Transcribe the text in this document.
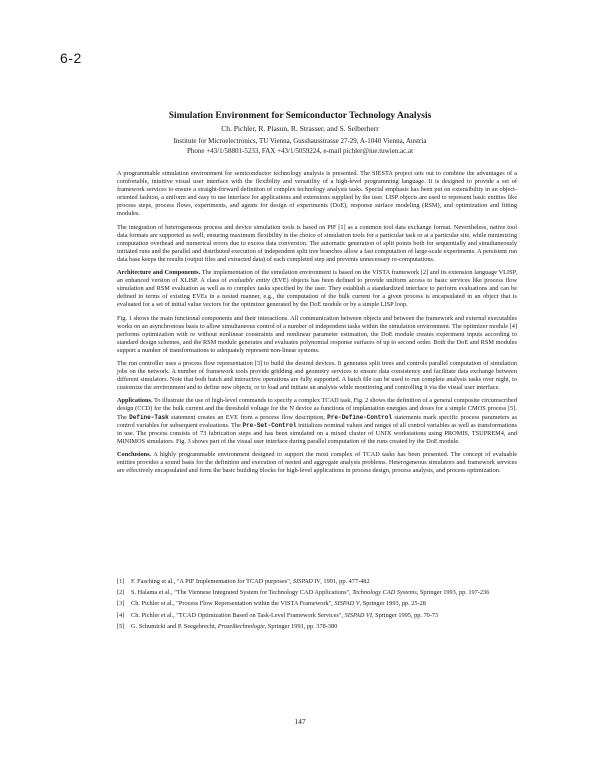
6-2
Simulation Environment for Semiconductor Technology Analysis
Ch. Pichler, R. Plasun, R. Strasser, and S. Selberherr
Institute for Microelectronics, TU Vienna, Gusshausstrasse 27-29, A-1040 Vienna, Austria
Phone +43/1/58801-5233, FAX +43/1/5059224, e-mail pichler@iue.tuwien.ac.at

A programmable simulation environment for semiconductor technology analysis is presented. The SIESTA project sets out to combine the advantages of a comfortable, intuitive visual user interface with the flexibility and versatility of a high-level programming language. It is designed to provide a set of framework services to ensure a straight-forward definition of complex technology analysis tasks. Special emphasis has been put on extensibility in an object-oriented fashion, a uniform and easy to use interface for applications and extensions supplied by the user. LISP objects are used to represent basic entities like process steps, process flows, experiments, and agents for design of experiments (DoE), response surface modeling (RSM), and optimization and fitting modules.

The integration of heterogeneous process and device simulation tools is based on PIF [1] as a common tool data exchange format. Nevertheless, native tool data formats are supported as well, ensuring maximum flexibility in the choice of simulation tools for a particular task or at a particular site, while minimizing computation overhead and numerical errors due to excess data conversion. The automatic generation of split points both for sequentially and simultaneously initiated runs and the parallel and distributed execution of independent split tree branches allow a fast computation of large-scale experiments. A persistent run data base keeps the results (output files and extracted data) of each completed step and prevents unnecessary re-computations.

Architecture and Components. The implementation of the simulation environment is based on the VISTA framework [2] and its extension language VLISP, an enhanced version of XLISP. A class of evaluable entity (EVE) objects has been defined to provide uniform access to basic services like process flow simulation and RSM evaluation as well as to complex tasks specified by the user. They establish a standardized interface to perform evaluations and can be defined in terms of existing EVEs in a nested manner, e.g., the computation of the bulk current for a given process is encapsulated in an object that is evaluated for a set of initial value vectors for the optimizer generated by the DoE module or by a simple LISP loop.

Fig. 1 shows the main functional components and their interactions. All communication between objects and between the framework and external executables works on an asynchronous basis to allow simultaneous control of a number of independent tasks within the simulation environment. The optimizer module [4] performs optimization with or without nonlinear constraints and nonlinear parameter estimation, the DoE module creates experiment inputs according to standard design schemes, and the RSM module generates and evaluates polynomial response surfaces of up to second order. Both the DoE and RSM modules support a number of transformations to adequately represent non-linear systems.

The run controller uses a process flow representation [3] to build the desired devices. It generates split trees and controls parallel computation of simulation jobs on the network. A number of framework tools provide gridding and geometry services to ensure data consistency and facilitate data exchange between different simulators. Note that both batch and interactive operations are fully supported. A batch file can be used to run complete analysis tasks over night, to customize the environment and to define new objects, or to load and initiate an analysis while monitoring and controlling it via the visual user interface.

Applications. To illustrate the use of high-level commands to specify a complex TCAD task, Fig. 2 shows the definition of a general composite circumscribed design (CCD) for the bulk current and the threshold voltage for the N device as functions of implantation energies and doses for a simple CMOS process [5]. The Define-Task statement creates an EVE from a process flow description, Pre-Define-Control statements mark specific process parameters as control variables for subsequent evaluations. The Pre-Set-Control initializes nominal values and ranges of all control variables as well as transformations in use. The process consists of 73 fabrication steps and has been simulated on a mixed cluster of UNIX workstations using PROMIS, TSUPREM4, and MINIMOS simulators. Fig. 3 shows part of the visual user interface during parallel computation of the runs created by the DoE module.

Conclusions. A highly programmable environment designed to support the most complex of TCAD tasks has been presented. The concept of evaluable entities provides a sound basis for the definition and execution of nested and aggregate analysis problems. Heterogeneous simulators and framework services are effectively encapsulated and form the basic building blocks for high-level applications in process design, process analysis, and process optimization.

[1]	F. Fasching et al., "A PIF Implementation for TCAD purposes", SISPAD IV, 1991, pp. 477-482
[2]	S. Halama et al., "The Viennese Integrated System for Technology CAD Applications", Technology CAD Systems, Springer 1993, pp. 197-236
[3]	Ch. Pichler et al., "Process Flow Representation within the VISTA Framework", SISPAD V, Springer 1993, pp. 25-28
[4]	Ch. Pichler et al., "TCAD Optimization Based on Task-Level Framework Services", SISPAD VI, Springer 1995, pp. 70-73
[5]	G. Schumicki and P. Seegebrecht, Prozeßtechnologie, Springer 1991, pp. 378-380
147
